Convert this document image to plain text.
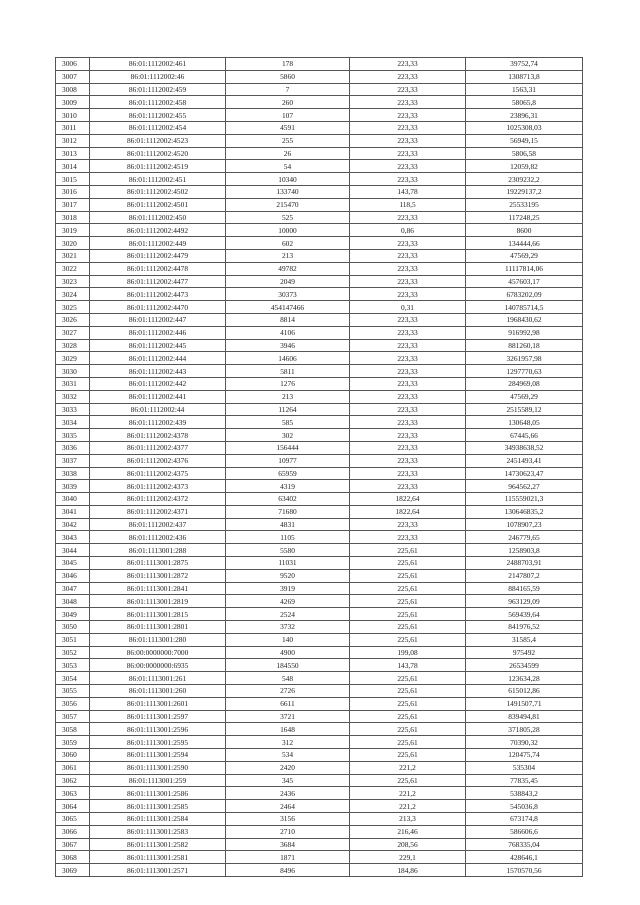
3006	86:01:1112002:461	178	223,33	39752,74
3007	86:01:1112002:46	5860	223,33	1308713,8
3008	86:01:1112002:459	7	223,33	1563,31
3009	86:01:1112002:458	260	223,33	58065,8
3010	86:01:1112002:455	107	223,33	23896,31
3011	86:01:1112002:454	4591	223,33	1025308,03
3012	86:01:1112002:4523	255	223,33	56949,15
3013	86:01:1112002:4520	26	223,33	5806,58
3014	86:01:1112002:4519	54	223,33	12059,82
3015	86:01:1112002:451	10340	223,33	2309232,2
3016	86:01:1112002:4502	133740	143,78	19229137,2
3017	86:01:1112002:4501	215470	118,5	25533195
3018	86:01:1112002:450	525	223,33	117248,25
3019	86:01:1112002:4492	10000	0,86	8600
3020	86:01:1112002:449	602	223,33	134444,66
3021	86:01:1112002:4479	213	223,33	47569,29
3022	86:01:1112002:4478	49782	223,33	11117814,06
3023	86:01:1112002:4477	2049	223,33	457603,17
3024	86:01:1112002:4473	30373	223,33	6783202,09
3025	86:01:1112002:4470	454147466	0,31	140785714,5
3026	86:01:1112002:447	8814	223,33	1968430,62
3027	86:01:1112002:446	4106	223,33	916992,98
3028	86:01:1112002:445	3946	223,33	881260,18
3029	86:01:1112002:444	14606	223,33	3261957,98
3030	86:01:1112002:443	5811	223,33	1297770,63
3031	86:01:1112002:442	1276	223,33	284969,08
3032	86:01:1112002:441	213	223,33	47569,29
3033	86:01:1112002:44	11264	223,33	2515589,12
3034	86:01:1112002:439	585	223,33	130648,05
3035	86:01:1112002:4378	302	223,33	67445,66
3036	86:01:1112002:4377	156444	223,33	34938638,52
3037	86:01:1112002:4376	10977	223,33	2451493,41
3038	86:01:1112002:4375	65959	223,33	14730623,47
3039	86:01:1112002:4373	4319	223,33	964562,27
3040	86:01:1112002:4372	63402	1822,64	115559021,3
3041	86:01:1112002:4371	71680	1822,64	130646835,2
3042	86:01:1112002:437	4831	223,33	1078907,23
3043	86:01:1112002:436	1105	223,33	246779,65
3044	86:01:1113001:288	5580	225,61	1258903,8
3045	86:01:1113001:2875	11031	225,61	2488703,91
3046	86:01:1113001:2872	9520	225,61	2147807,2
3047	86:01:1113001:2841	3919	225,61	884165,59
3048	86:01:1113001:2819	4269	225,61	963129,09
3049	86:01:1113001:2815	2524	225,61	569439,64
3050	86:01:1113001:2801	3732	225,61	841976,52
3051	86:01:1113001:280	140	225,61	31585,4
3052	86:00:0000000:7000	4900	199,08	975492
3053	86:00:0000000:6935	184550	143,78	26534599
3054	86:01:1113001:261	548	225,61	123634,28
3055	86:01:1113001:260	2726	225,61	615012,86
3056	86:01:1113001:2601	6611	225,61	1491507,71
3057	86:01:1113001:2597	3721	225,61	839494,81
3058	86:01:1113001:2596	1648	225,61	371805,28
3059	86:01:1113001:2595	312	225,61	70390,32
3060	86:01:1113001:2594	534	225,61	120475,74
3061	86:01:1113001:2590	2420	221,2	535304
3062	86:01:1113001:259	345	225,61	77835,45
3063	86:01:1113001:2586	2436	221,2	538843,2
3064	86:01:1113001:2585	2464	221,2	545036,8
3065	86:01:1113001:2584	3156	213,3	673174,8
3066	86:01:1113001:2583	2710	216,46	586606,6
3067	86:01:1113001:2582	3684	208,56	768335,04
3068	86:01:1113001:2581	1871	229,1	428646,1
3069	86:01:1113001:2571	8496	184,86	1570570,56
